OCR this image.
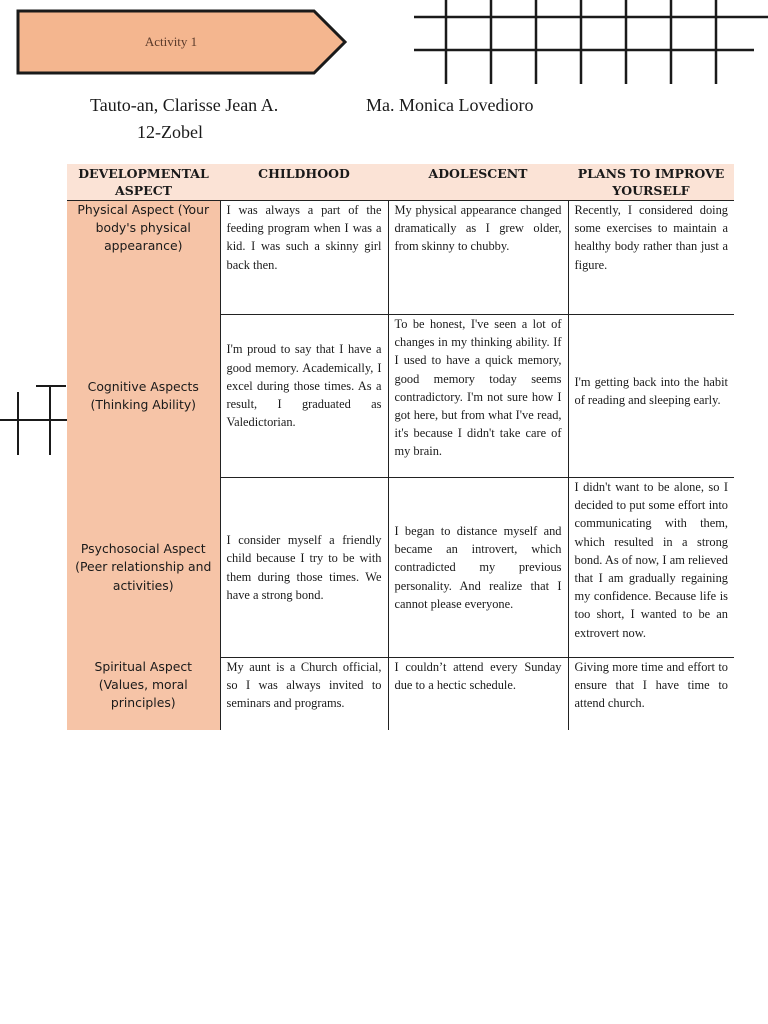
Activity 1
Tauto-an, Clarisse Jean A.	Ma. Monica Lovedioro
12-Zobel
DEVELOPMENTAL ASPECT	CHILDHOOD	ADOLESCENT	PLANS TO IMPROVE YOURSELF
Physical Aspect (Your body's physical appearance)	I was always a part of the feeding program when I was a kid. I was such a skinny girl back then.	My physical appearance changed dramatically as I grew older, from skinny to chubby.	Recently, I considered doing some exercises to maintain a healthy body rather than just a figure.
Cognitive Aspects (Thinking Ability)	I'm proud to say that I have a good memory. Academically, I excel during those times. As a result, I graduated as Valedictorian.	To be honest, I've seen a lot of changes in my thinking ability. If I used to have a quick memory, good memory today seems contradictory. I'm not sure how I got here, but from what I've read, it's because I didn't take care of my brain.	I'm getting back into the habit of reading and sleeping early.
Psychosocial Aspect (Peer relationship and activities)	I consider myself a friendly child because I try to be with them during those times. We have a strong bond.	I began to distance myself and became an introvert, which contradicted my previous personality. And realize that I cannot please everyone.	I didn't want to be alone, so I decided to put some effort into communicating with them, which resulted in a strong bond. As of now, I am relieved that I am gradually regaining my confidence. Because life is too short, I wanted to be an extrovert now.
Spiritual Aspect (Values, moral principles)	My aunt is a Church official, so I was always invited to seminars and programs.	I couldn’t attend every Sunday due to a hectic schedule.	Giving more time and effort to ensure that I have time to attend church.
